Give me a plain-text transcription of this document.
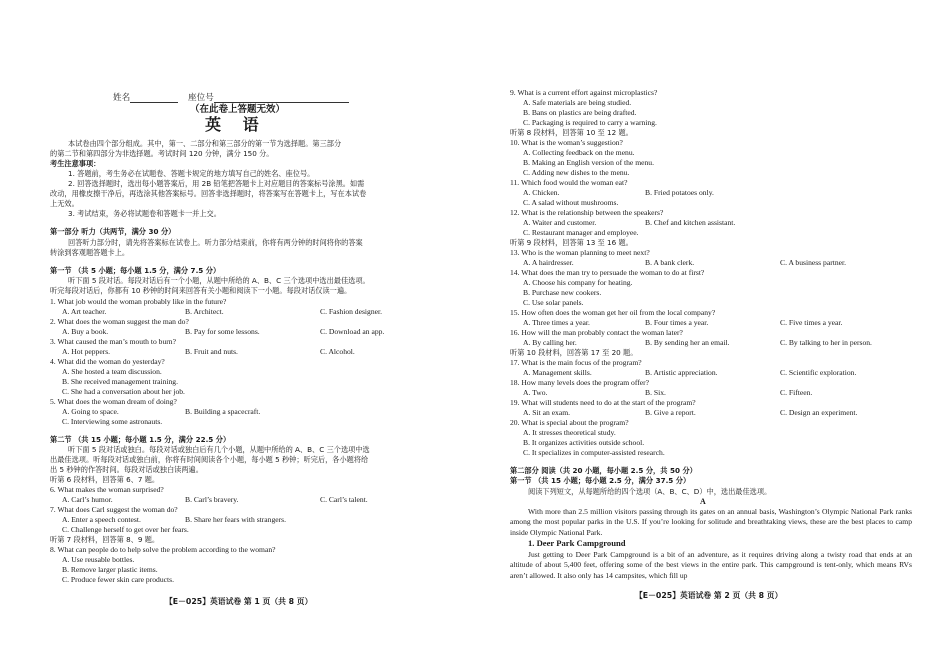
姓名	座位号
（在此卷上答题无效）
英 语
本试卷由四个部分组成。其中，第一、二部分和第三部分的第一节为选择题。第三部分
的第二节和第四部分为非选择题。考试时间 120 分钟，满分 150 分。
考生注意事项：
1. 答题前，考生务必在试题卷、答题卡规定的地方填写自己的姓名、座位号。
2. 回答选择题时，选出每小题答案后，用 2B 铅笔把答题卡上对应题目的答案标号涂黑。如需
改动，用橡皮擦干净后，再选涂其他答案标号。回答非选择题时，将答案写在答题卡上，写在本试卷
上无效。
3. 考试结束，务必将试题卷和答题卡一并上交。
第一部分 听力（共两节，满分 30 分）
回答听力部分时，请先将答案标在试卷上。听力部分结束前，你将有两分钟的时间将你的答案
转涂到客观题答题卡上。
第一节 （共 5 小题；每小题 1.5 分，满分 7.5 分）
听下面 5 段对话。每段对话后有一个小题，从题中所给的 A、B、C 三个选项中选出最佳选项。
听完每段对话后，你都有 10 秒钟的时间来回答有关小题和阅读下一小题。每段对话仅读一遍。
1. What job would the woman probably like in the future?
A. Art teacher.	B. Architect.	C. Fashion designer.
2. What does the woman suggest the man do?
A. Buy a book.	B. Pay for some lessons.	C. Download an app.
3. What caused the man’s mouth to burn?
A. Hot peppers.	B. Fruit and nuts.	C. Alcohol.
4. What did the woman do yesterday?
A. She hosted a team discussion.
B. She received management training.
C. She had a conversation about her job.
5. What does the woman dream of doing?
A. Going to space.	B. Building a spacecraft.
C. Interviewing some astronauts.
第二节 （共 15 小题；每小题 1.5 分，满分 22.5 分）
听下面 5 段对话或独白。每段对话或独白后有几个小题，从题中所给的 A、B、C 三个选项中选
出最佳选项。听每段对话或独白前，你将有时间阅读各个小题，每小题 5 秒钟；听完后，各小题将给
出 5 秒钟的作答时间。每段对话或独白读两遍。
听第 6 段材料，回答第 6、7 题。
6. What makes the woman surprised?
A. Carl’s humor.	B. Carl’s bravery.	C. Carl’s talent.
7. What does Carl suggest the woman do?
A. Enter a speech contest.	B. Share her fears with strangers.
C. Challenge herself to get over her fears.
听第 7 段材料，回答第 8、9 题。
8. What can people do to help solve the problem according to the woman?
A. Use reusable bottles.
B. Remove larger plastic items.
C. Produce fewer skin care products.
【E－025】英语试卷 第 1 页（共 8 页）
9. What is a current effort against microplastics?
A. Safe materials are being studied.
B. Bans on plastics are being drafted.
C. Packaging is required to carry a warning.
听第 8 段材料，回答第 10 至 12 题。
10. What is the woman’s suggestion?
A. Collecting feedback on the menu.
B. Making an English version of the menu.
C. Adding new dishes to the menu.
11. Which food would the woman eat?
A. Chicken.	B. Fried potatoes only.
C. A salad without mushrooms.
12. What is the relationship between the speakers?
A. Waiter and customer.	B. Chef and kitchen assistant.
C. Restaurant manager and employee.
听第 9 段材料，回答第 13 至 16 题。
13. Who is the woman planning to meet next?
A. A hairdresser.	B. A bank clerk.	C. A business partner.
14. What does the man try to persuade the woman to do at first?
A. Choose his company for heating.
B. Purchase new cookers.
C. Use solar panels.
15. How often does the woman get her oil from the local company?
A. Three times a year.	B. Four times a year.	C. Five times a year.
16. How will the man probably contact the woman later?
A. By calling her.	B. By sending her an email.	C. By talking to her in person.
听第 10 段材料，回答第 17 至 20 题。
17. What is the main focus of the program?
A. Management skills.	B. Artistic appreciation.	C. Scientific exploration.
18. How many levels does the program offer?
A. Two.	B. Six.	C. Fifteen.
19. What will students need to do at the start of the program?
A. Sit an exam.	B. Give a report.	C. Design an experiment.
20. What is special about the program?
A. It stresses theoretical study.
B. It organizes activities outside school.
C. It specializes in computer-assisted research.
第二部分 阅读（共 20 小题，每小题 2.5 分，共 50 分）
第一节 （共 15 小题；每小题 2.5 分，满分 37.5 分）
阅读下列短文，从每题所给的四个选项（A、B、C、D）中，选出最佳选项。
A
With more than 2.5 million visitors passing through its gates on an annual basis, Washington’s Olympic National Park ranks among the most popular parks in the U.S. If you’re looking for solitude and breathtaking views, these are the best places to camp inside Olympic National Park.
1. Deer Park Campground
Just getting to Deer Park Campground is a bit of an adventure, as it requires driving along a twisty road that ends at an altitude of about 5,400 feet, offering some of the best views in the entire park. This campground is tent-only, which means RVs aren’t allowed. It also only has 14 campsites, which fill up
【E－025】英语试卷 第 2 页（共 8 页）
